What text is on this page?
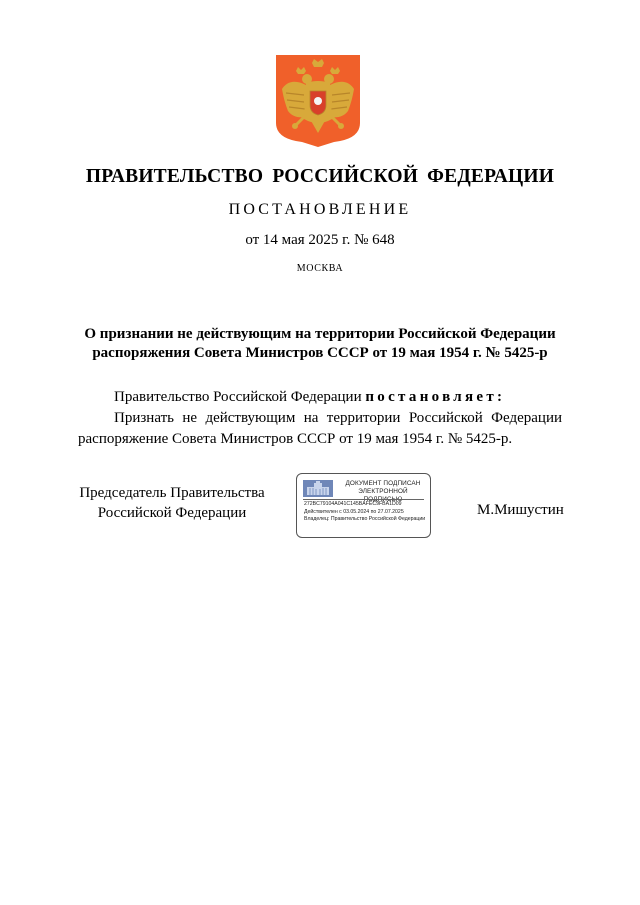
ПРАВИТЕЛЬСТВО РОССИЙСКОЙ ФЕДЕРАЦИИ
ПОСТАНОВЛЕНИЕ
от 14 мая 2025 г. № 648
МОСКВА
О признании не действующим на территории Российской Федерации
распоряжения Совета Министров СССР от 19 мая 1954 г. № 5425-р
Правительство Российской Федерации постановляет:
Признать не действующим на территории Российской Федерации
распоряжение Совета Министров СССР от 19 мая 1954 г. № 5425-р.
Председатель Правительства
Российской Федерации
ДОКУМЕНТ ПОДПИСАН
ЭЛЕКТРОННОЙ ПОДПИСЬЮ
272BC79104A041C145BAFEC9FBA1D09
Действителен с 03.05.2024 по 27.07.2025
Владелец: Правительство Российской Федерации
М.Мишустин
